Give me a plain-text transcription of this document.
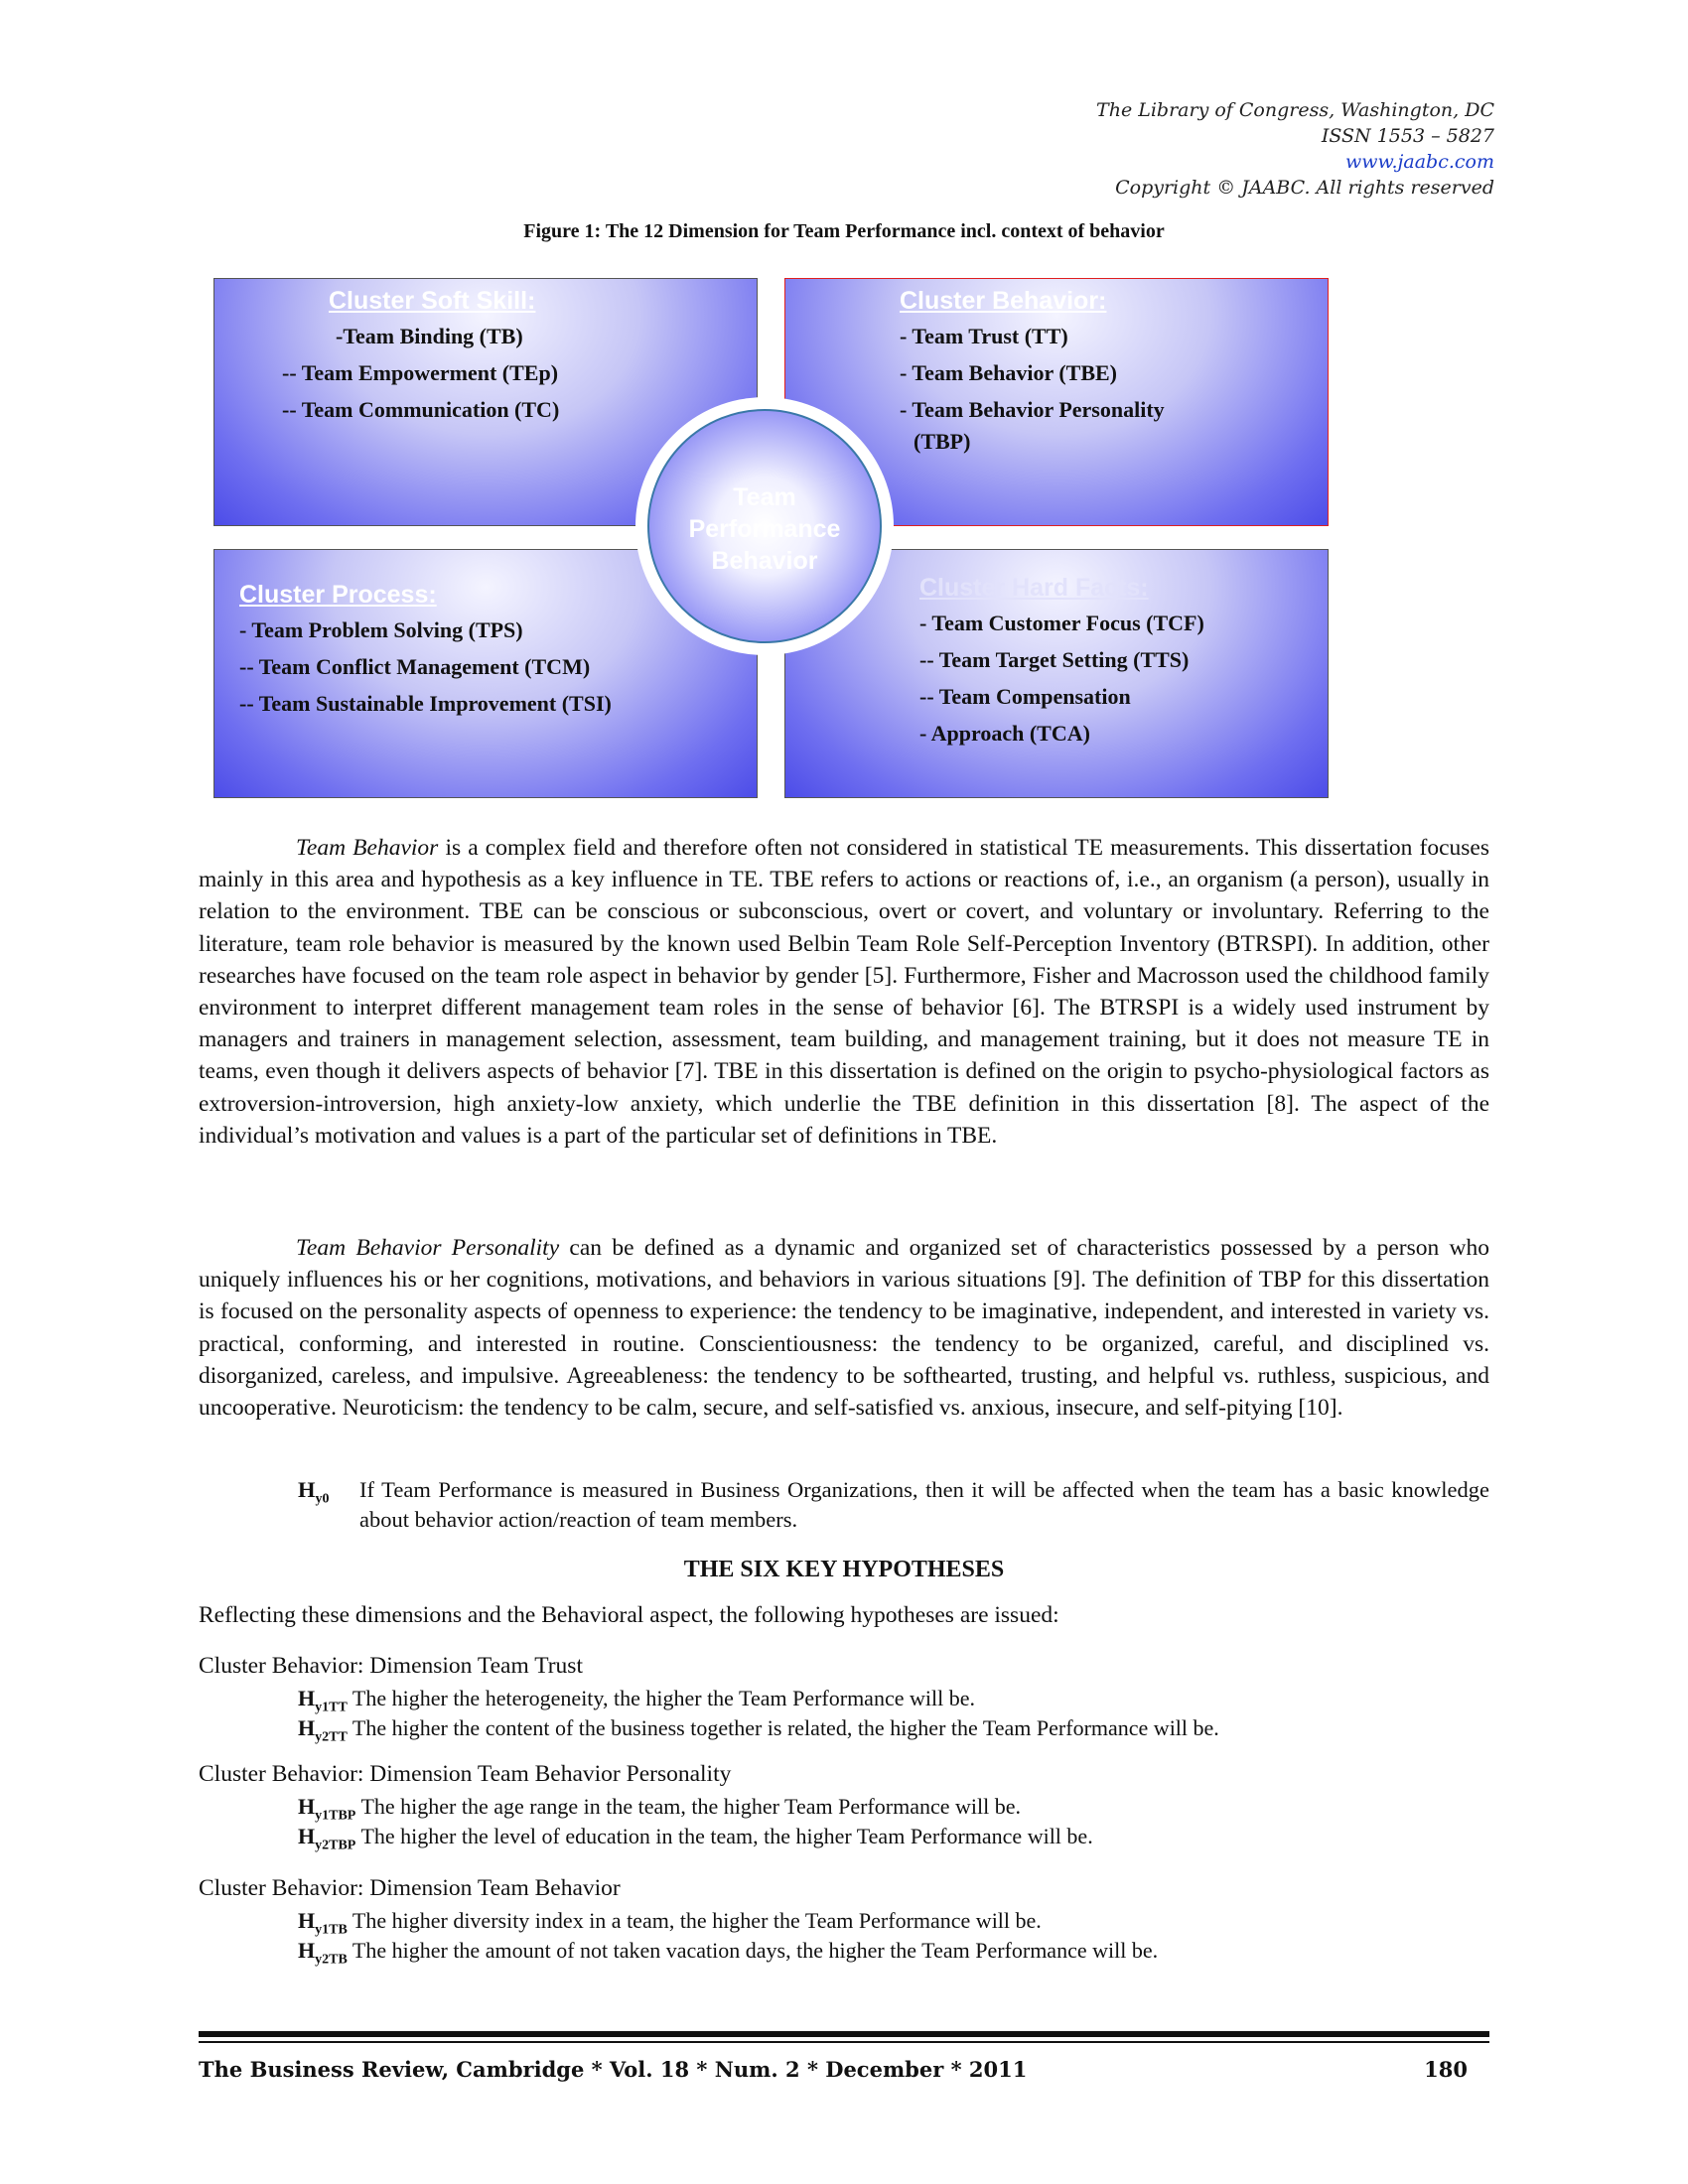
The Library of Congress, Washington, DC
ISSN 1553 – 5827
www.jaabc.com
Copyright © JAABC. All rights reserved
Figure 1: The 12 Dimension for Team Performance incl. context of behavior
Team
Performance
Behavior
Cluster Soft Skill:
-Team Binding (TB)
-- Team Empowerment (TEp)
-- Team Communication (TC)
Cluster Behavior:
- Team Trust (TT)
- Team Behavior (TBE)
- Team Behavior Personality
(TBP)
Cluster Process:
- Team Problem Solving (TPS)
-- Team Conflict Management (TCM)
-- Team Sustainable Improvement (TSI)
Cluster Hard Facts:
- Team Customer Focus (TCF)
-- Team Target Setting (TTS)
-- Team Compensation
- Approach (TCA)

Team Behavior is a complex field and therefore often not considered in statistical TE measurements. This dissertation focuses mainly in this area and hypothesis as a key influence in TE. TBE refers to actions or reactions of, i.e., an organism (a person), usually in relation to the environment. TBE can be conscious or subconscious, overt or covert, and voluntary or involuntary. Referring to the literature, team role behavior is measured by the known used Belbin Team Role Self-Perception Inventory (BTRSPI). In addition, other researches have focused on the team role aspect in behavior by gender [5]. Furthermore, Fisher and Macrosson used the childhood family environment to interpret different management team roles in the sense of behavior [6]. The BTRSPI is a widely used instrument by managers and trainers in management selection, assessment, team building, and management training, but it does not measure TE in teams, even though it delivers aspects of behavior [7]. TBE in this dissertation is defined on the origin to psycho-physiological factors as extroversion-introversion, high anxiety-low anxiety, which underlie the TBE definition in this dissertation [8]. The aspect of the individual’s motivation and values is a part of the particular set of definitions in TBE.

Team Behavior Personality can be defined as a dynamic and organized set of characteristics possessed by a person who uniquely influences his or her cognitions, motivations, and behaviors in various situations [9]. The definition of TBP for this dissertation is focused on the personality aspects of openness to experience: the tendency to be imaginative, independent, and interested in variety vs. practical, conforming, and interested in routine. Conscientiousness: the tendency to be organized, careful, and disciplined vs. disorganized, careless, and impulsive. Agreeableness: the tendency to be softhearted, trusting, and helpful vs. ruthless, suspicious, and uncooperative. Neuroticism: the tendency to be calm, secure, and self-satisfied vs. anxious, insecure, and self-pitying [10].

$H_{y0}$ If Team Performance is measured in Business Organizations, then it will be affected when the team has a basic knowledge about behavior action/reaction of team members.
THE SIX KEY HYPOTHESES
Reflecting these dimensions and the Behavioral aspect, the following hypotheses are issued:
Cluster Behavior: Dimension Team Trust
$H_{y1TT}$ The higher the heterogeneity, the higher the Team Performance will be.
$H_{y2TT}$ The higher the content of the business together is related, the higher the Team Performance will be.
Cluster Behavior: Dimension Team Behavior Personality
$H_{y1TBP}$ The higher the age range in the team, the higher Team Performance will be.
$H_{y2TBP}$ The higher the level of education in the team, the higher Team Performance will be.
Cluster Behavior: Dimension Team Behavior
$H_{y1TB}$ The higher diversity index in a team, the higher the Team Performance will be.
$H_{y2TB}$ The higher the amount of not taken vacation days, the higher the Team Performance will be.
The Business Review, Cambridge * Vol. 18 * Num. 2 * December * 2011	180
